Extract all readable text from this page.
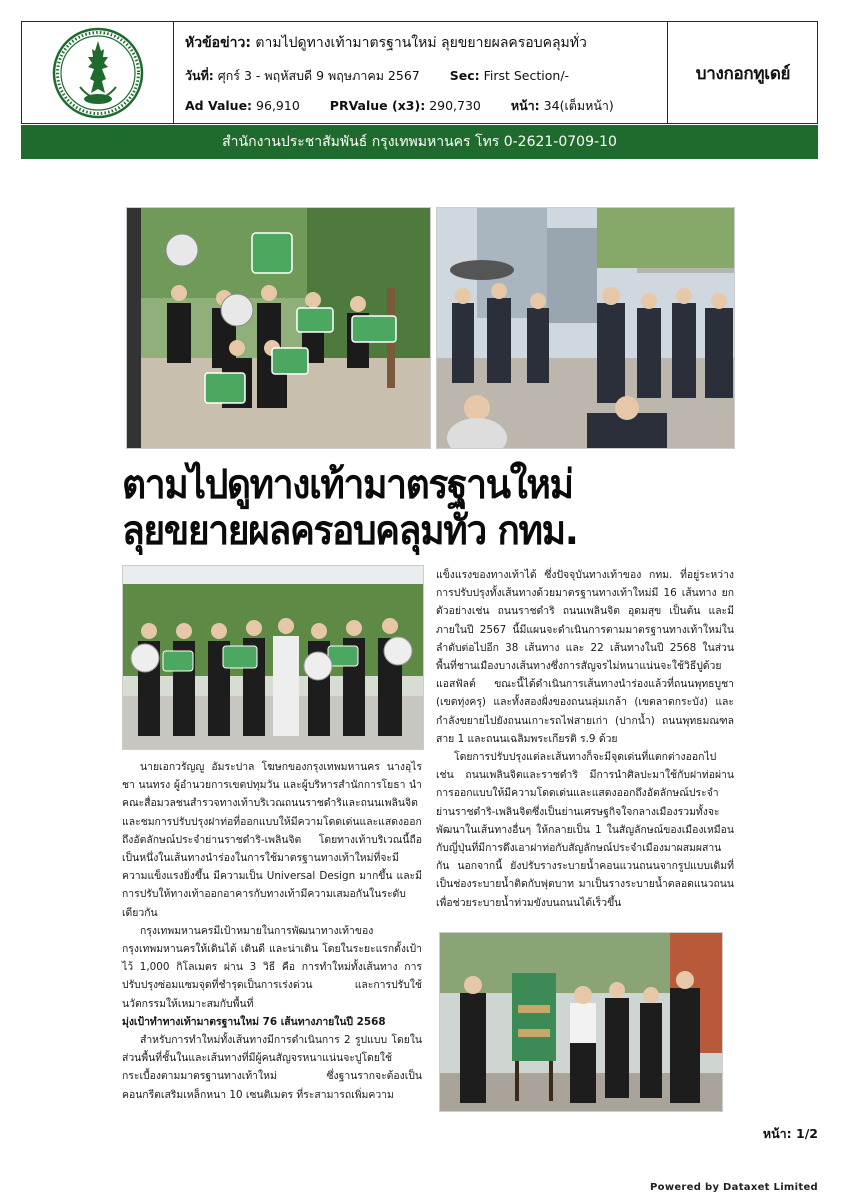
หัวข้อข่าว: ตามไปดูทางเท้ามาตรฐานใหม่ ลุยขยายผลครอบคลุมทั่ว
วันที่: ศุกร์ 3 - พฤหัสบดี 9 พฤษภาคม 2567 Sec: First Section/-
Ad Value: 96,910 PRValue (x3): 290,730 หน้า: 34(เต็มหน้า)
บางกอกทูเดย์
สำนักงานประชาสัมพันธ์ กรุงเทพมหานคร โทร 0-2621-0709-10
ตามไปดูทางเท้ามาตรฐานใหม่
ลุยขยายผลครอบคลุมทั่ว กทม.

นายเอกวรัญญู อัมระปาล โฆษกของกรุงเทพมหานคร นางอุไรชา นนทรง ผู้อำนวยการเขตปทุมวัน และผู้บริหารสำนักการโยธา นำคณะสื่อมวลชนสำรวจทางเท้าบริเวณถนนราชดำริและถนนเพลินจิต และชมการปรับปรุงฝาท่อที่ออกแบบให้มีความโดดเด่นและแสดงออกถึงอัตลักษณ์ประจำย่านราชดำริ-เพลินจิต โดยทางเท้าบริเวณนี้ถือเป็นหนึ่งในเส้นทางนำร่องในการใช้มาตรฐานทางเท้าใหม่ที่จะมีความแข็งแรงยิ่งขึ้น มีความเป็น Universal Design มากขึ้น และมีการปรับให้ทางเท้าออกอาคารกับทางเท้ามีความเสมอกันในระดับเดียวกัน

กรุงเทพมหานครมีเป้าหมายในการพัฒนาทางเท้าของกรุงเทพมหานครให้เดินได้ เดินดี และน่าเดิน โดยในระยะแรกตั้งเป้าไว้ 1,000 กิโลเมตร ผ่าน 3 วิธี คือ การทำใหม่ทั้งเส้นทาง การปรับปรุงซ่อมแซมจุดที่ชำรุดเป็นการเร่งด่วน และการปรับใช้นวัตกรรมให้เหมาะสมกับพื้นที่

มุ่งเป้าทำทางเท้ามาตรฐานใหม่ 76 เส้นทางภายในปี 2568

สำหรับการทำใหม่ทั้งเส้นทางมีการดำเนินการ 2 รูปแบบ โดยในส่วนพื้นที่ชั้นในและเส้นทางที่มีผู้คนสัญจรหนาแน่นจะปูโดยใช้กระเบื้องตามมาตรฐานทางเท้าใหม่ ซึ่งฐานรากจะต้องเป็นคอนกรีตเสริมเหล็กหนา 10 เซนติเมตร ที่ระสามารถเพิ่มความ

แข็งแรงของทางเท้าได้ ซึ่งปัจจุบันทางเท้าของ กทม. ที่อยู่ระหว่างการปรับปรุงทั้งเส้นทางด้วยมาตรฐานทางเท้าใหม่มี 16 เส้นทาง ยกตัวอย่างเช่น ถนนราชดำริ ถนนเพลินจิต อุดมสุข เป็นต้น และมีภายในปี 2567 นี้มีแผนจะดำเนินการตามมาตรฐานทางเท้าใหม่ในลำดับต่อไปอีก 38 เส้นทาง และ 22 เส้นทางในปี 2568 ในส่วนพื้นที่ชานเมืองบางเส้นทางซึ่งการสัญจรไม่หนาแน่นจะใช้วิธีปูด้วยแอสฟัลต์ ขณะนี้ได้ดำเนินการเส้นทางนำร่องแล้วที่ถนนพุทธบูชา (เขตทุ่งครุ) และทั้งสองฝั่งของถนนลุ่มเกล้า (เขตลาดกระบัง) และกำลังขยายไปยังถนนเกาะรถไฟสายเก่า (ปากน้ำ) ถนนพุทธมณฑลสาย 1 และถนนเฉลิมพระเกียรติ ร.9 ด้วย

โดยการปรับปรุงแต่ละเส้นทางก็จะมีจุดเด่นที่แตกต่างออกไป เช่น ถนนเพลินจิตและราชดำริ มีการนำศิลปะมาใช้กับฝาท่อผ่านการออกแบบให้มีความโดดเด่นและแสดงออกถึงอัตลักษณ์ประจำย่านราชดำริ-เพลินจิตซึ่งเป็นย่านเศรษฐกิจใจกลางเมืองรวมทั้งจะพัฒนาในเส้นทางอื่นๆ ให้กลายเป็น 1 ในสัญลักษณ์ของเมืองเหมือนกับญี่ปุ่นที่มีการดึงเอาฝาท่อกับสัญลักษณ์ประจำเมืองมาผสมผสานกัน นอกจากนี้ ยังปรับรางระบายน้ำคอนแวนถนนจากรูปแบบเดิมที่เป็นช่องระบายน้ำติดกับฟุตบาท มาเป็นรางระบายน้ำตลอดแนวถนน เพื่อช่วยระบายน้ำท่วมขังบนถนนได้เร็วขึ้น

หน้า: 1/2
Powered by Dataxet Limited
